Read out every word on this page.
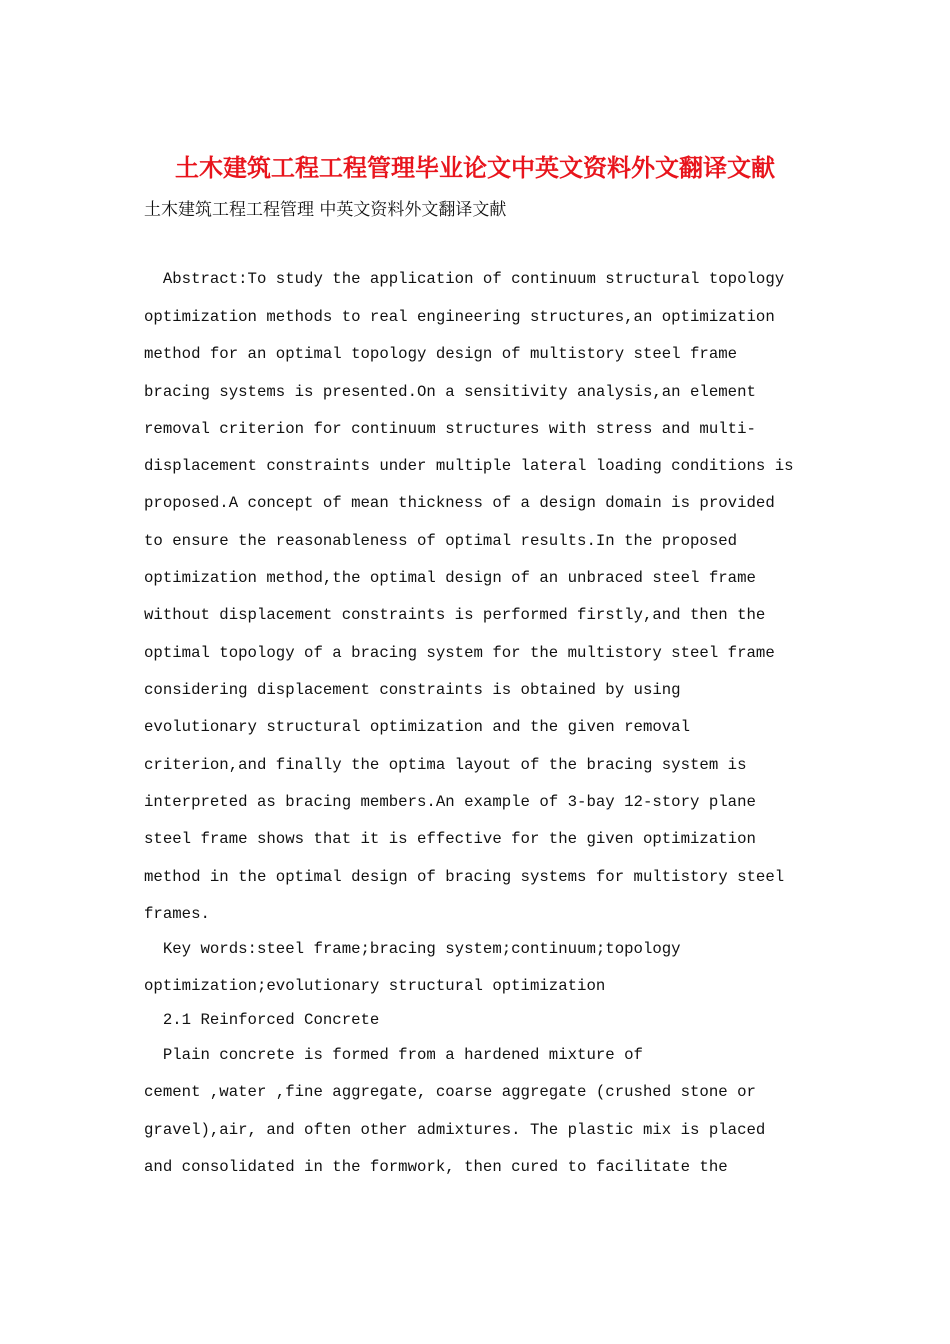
土木建筑工程工程管理毕业论文中英文资料外文翻译文献
土木建筑工程工程管理 中英文资料外文翻译文献
Abstract:To study the application of continuum structural topology
optimization methods to real engineering structures,an optimization
method for an optimal topology design of multistory steel frame
bracing systems is presented.On a sensitivity analysis,an element
removal criterion for continuum structures with stress and multi-
displacement constraints under multiple lateral loading conditions is
proposed.A concept of mean thickness of a design domain is provided
to ensure the reasonableness of optimal results.In the proposed
optimization method,the optimal design of an unbraced steel frame
without displacement constraints is performed firstly,and then the
optimal topology of a bracing system for the multistory steel frame
considering displacement constraints is obtained by using
evolutionary structural optimization and the given removal
criterion,and finally the optima layout of the bracing system is
interpreted as bracing members.An example of 3-bay 12-story plane
steel frame shows that it is effective for the given optimization
method in the optimal design of bracing systems for multistory steel
frames.
Key words:steel frame;bracing system;continuum;topology
optimization;evolutionary structural optimization
2.1 Reinforced Concrete
Plain concrete is formed from a hardened mixture of
cement ,water ,fine aggregate, coarse aggregate (crushed stone or
gravel),air, and often other admixtures. The plastic mix is placed
and consolidated in the formwork, then cured to facilitate the
